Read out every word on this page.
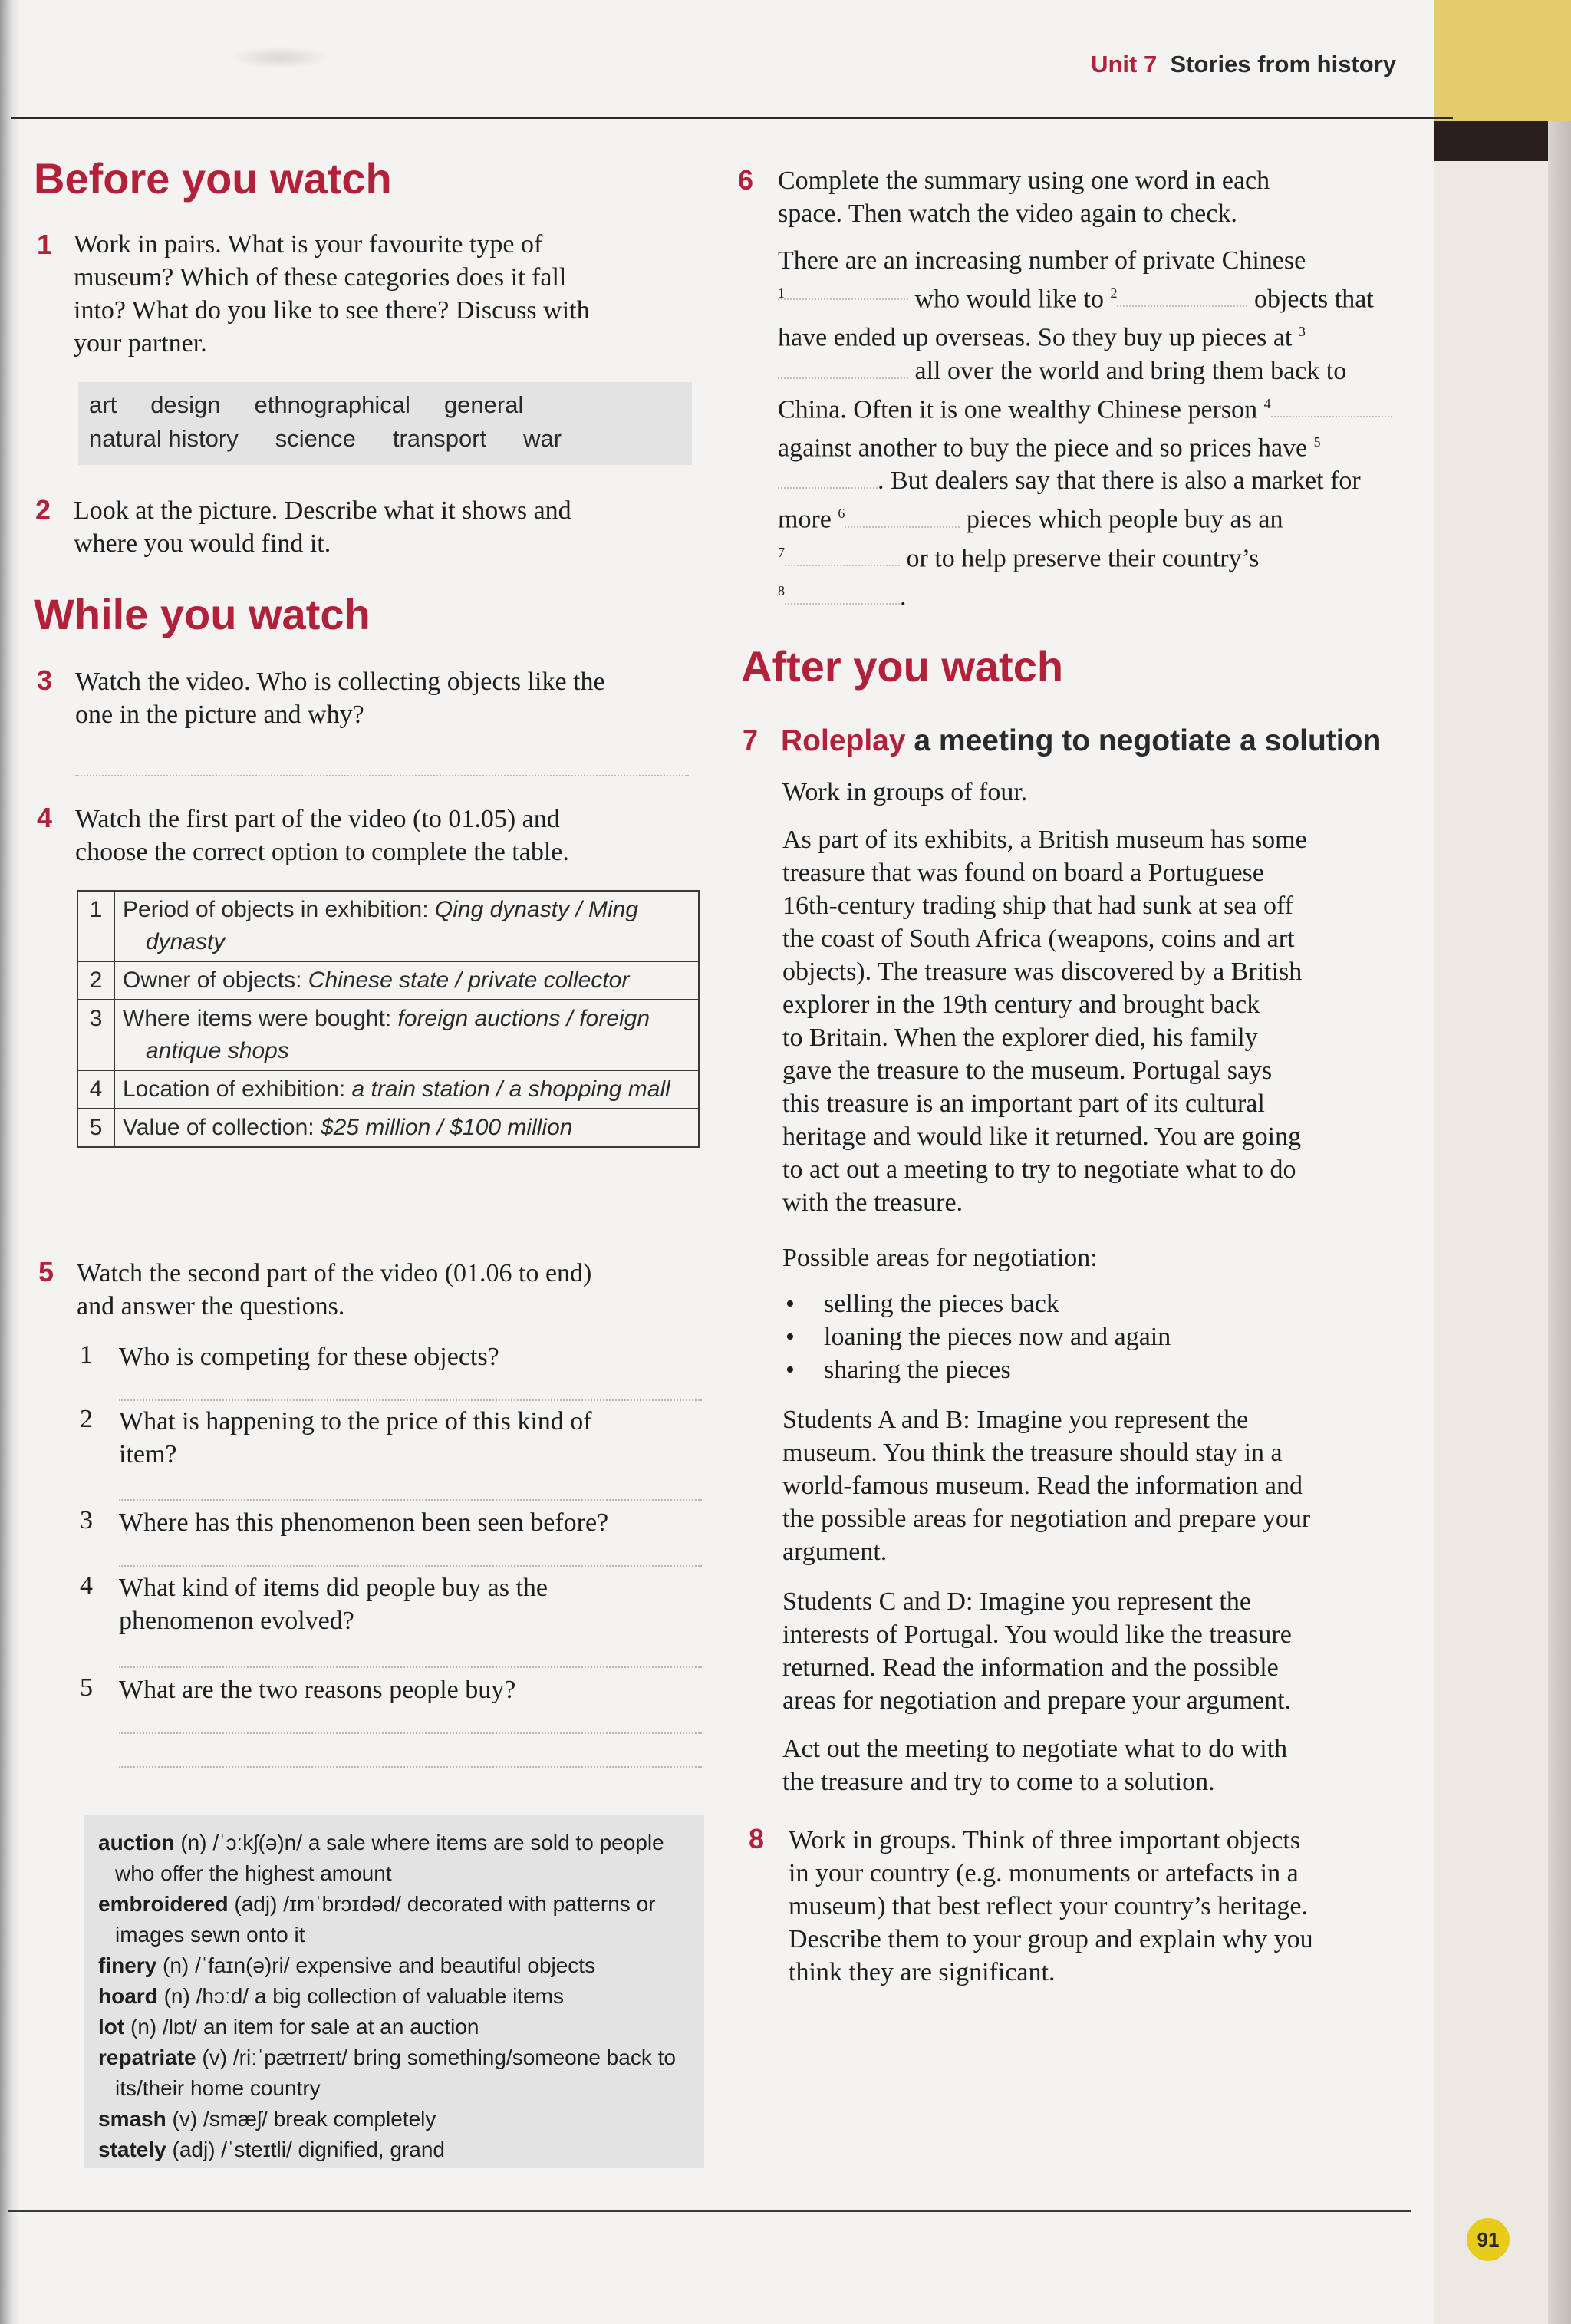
Unit 7 Stories from history
Before you watch
1 Work in pairs. What is your favourite type of
museum? Which of these categories does it fall
into? What do you like to see there? Discuss with
your partner.
art design ethnographical general
natural history science transport war
2 Look at the picture. Describe what it shows and
where you would find it.
While you watch
3 Watch the video. Who is collecting objects like the
one in the picture and why?
4 Watch the first part of the video (to 01.05) and
choose the correct option to complete the table.
1	Period of objects in exhibition: Qing dynasty / Ming dynasty

2	Owner of objects: Chinese state / private collector

3	Where items were bought: foreign auctions / foreign antique shops

4	Location of exhibition: a train station / a shopping mall

5	Value of collection: $25 million / $100 million
5 Watch the second part of the video (01.06 to end)
and answer the questions.
1 Who is competing for these objects?
2 What is happening to the price of this kind of
item?
3 Where has this phenomenon been seen before?
4 What kind of items did people buy as the
phenomenon evolved?
5 What are the two reasons people buy?
auction (n) /ˈɔːkʃ(ə)n/ a sale where items are sold to people who offer the highest amount
embroidered (adj) /ɪmˈbrɔɪdəd/ decorated with patterns or images sewn onto it
finery (n) /ˈfaɪn(ə)ri/ expensive and beautiful objects
hoard (n) /hɔːd/ a big collection of valuable items
lot (n) /lɒt/ an item for sale at an auction
repatriate (v) /riːˈpætrɪeɪt/ bring something/someone back to its/their home country
smash (v) /smæʃ/ break completely
stately (adj) /ˈsteɪtli/ dignified, grand
6 Complete the summary using one word in each
space. Then watch the video again to check.
There are an increasing number of private Chinese
$^1$	who would like to $^2$	objects that have ended up overseas. So they buy up pieces at $^3$ all over the world and bring them back to China. Often it is one wealthy Chinese person $^4$ against another to buy the piece and so prices have $^5$. But dealers say that there is also a market for more $^6$	pieces which people buy as an
$^7$	or to help preserve their country’s
$^8$	.
After you watch
7 Roleplay a meeting to negotiate a solution
Work in groups of four.
As part of its exhibits, a British museum has some
treasure that was found on board a Portuguese
16th-century trading ship that had sunk at sea off
the coast of South Africa (weapons, coins and art
objects). The treasure was discovered by a British
explorer in the 19th century and brought back
to Britain. When the explorer died, his family
gave the treasure to the museum. Portugal says
this treasure is an important part of its cultural
heritage and would like it returned. You are going
to act out a meeting to try to negotiate what to do
with the treasure.
Possible areas for negotiation:
• selling the pieces back
• loaning the pieces now and again
• sharing the pieces
Students A and B: Imagine you represent the
museum. You think the treasure should stay in a
world-famous museum. Read the information and
the possible areas for negotiation and prepare your
argument.
Students C and D: Imagine you represent the
interests of Portugal. You would like the treasure
returned. Read the information and the possible
areas for negotiation and prepare your argument.
Act out the meeting to negotiate what to do with
the treasure and try to come to a solution.
8 Work in groups. Think of three important objects
in your country (e.g. monuments or artefacts in a
museum) that best reflect your country’s heritage.
Describe them to your group and explain why you
think they are significant.
91
